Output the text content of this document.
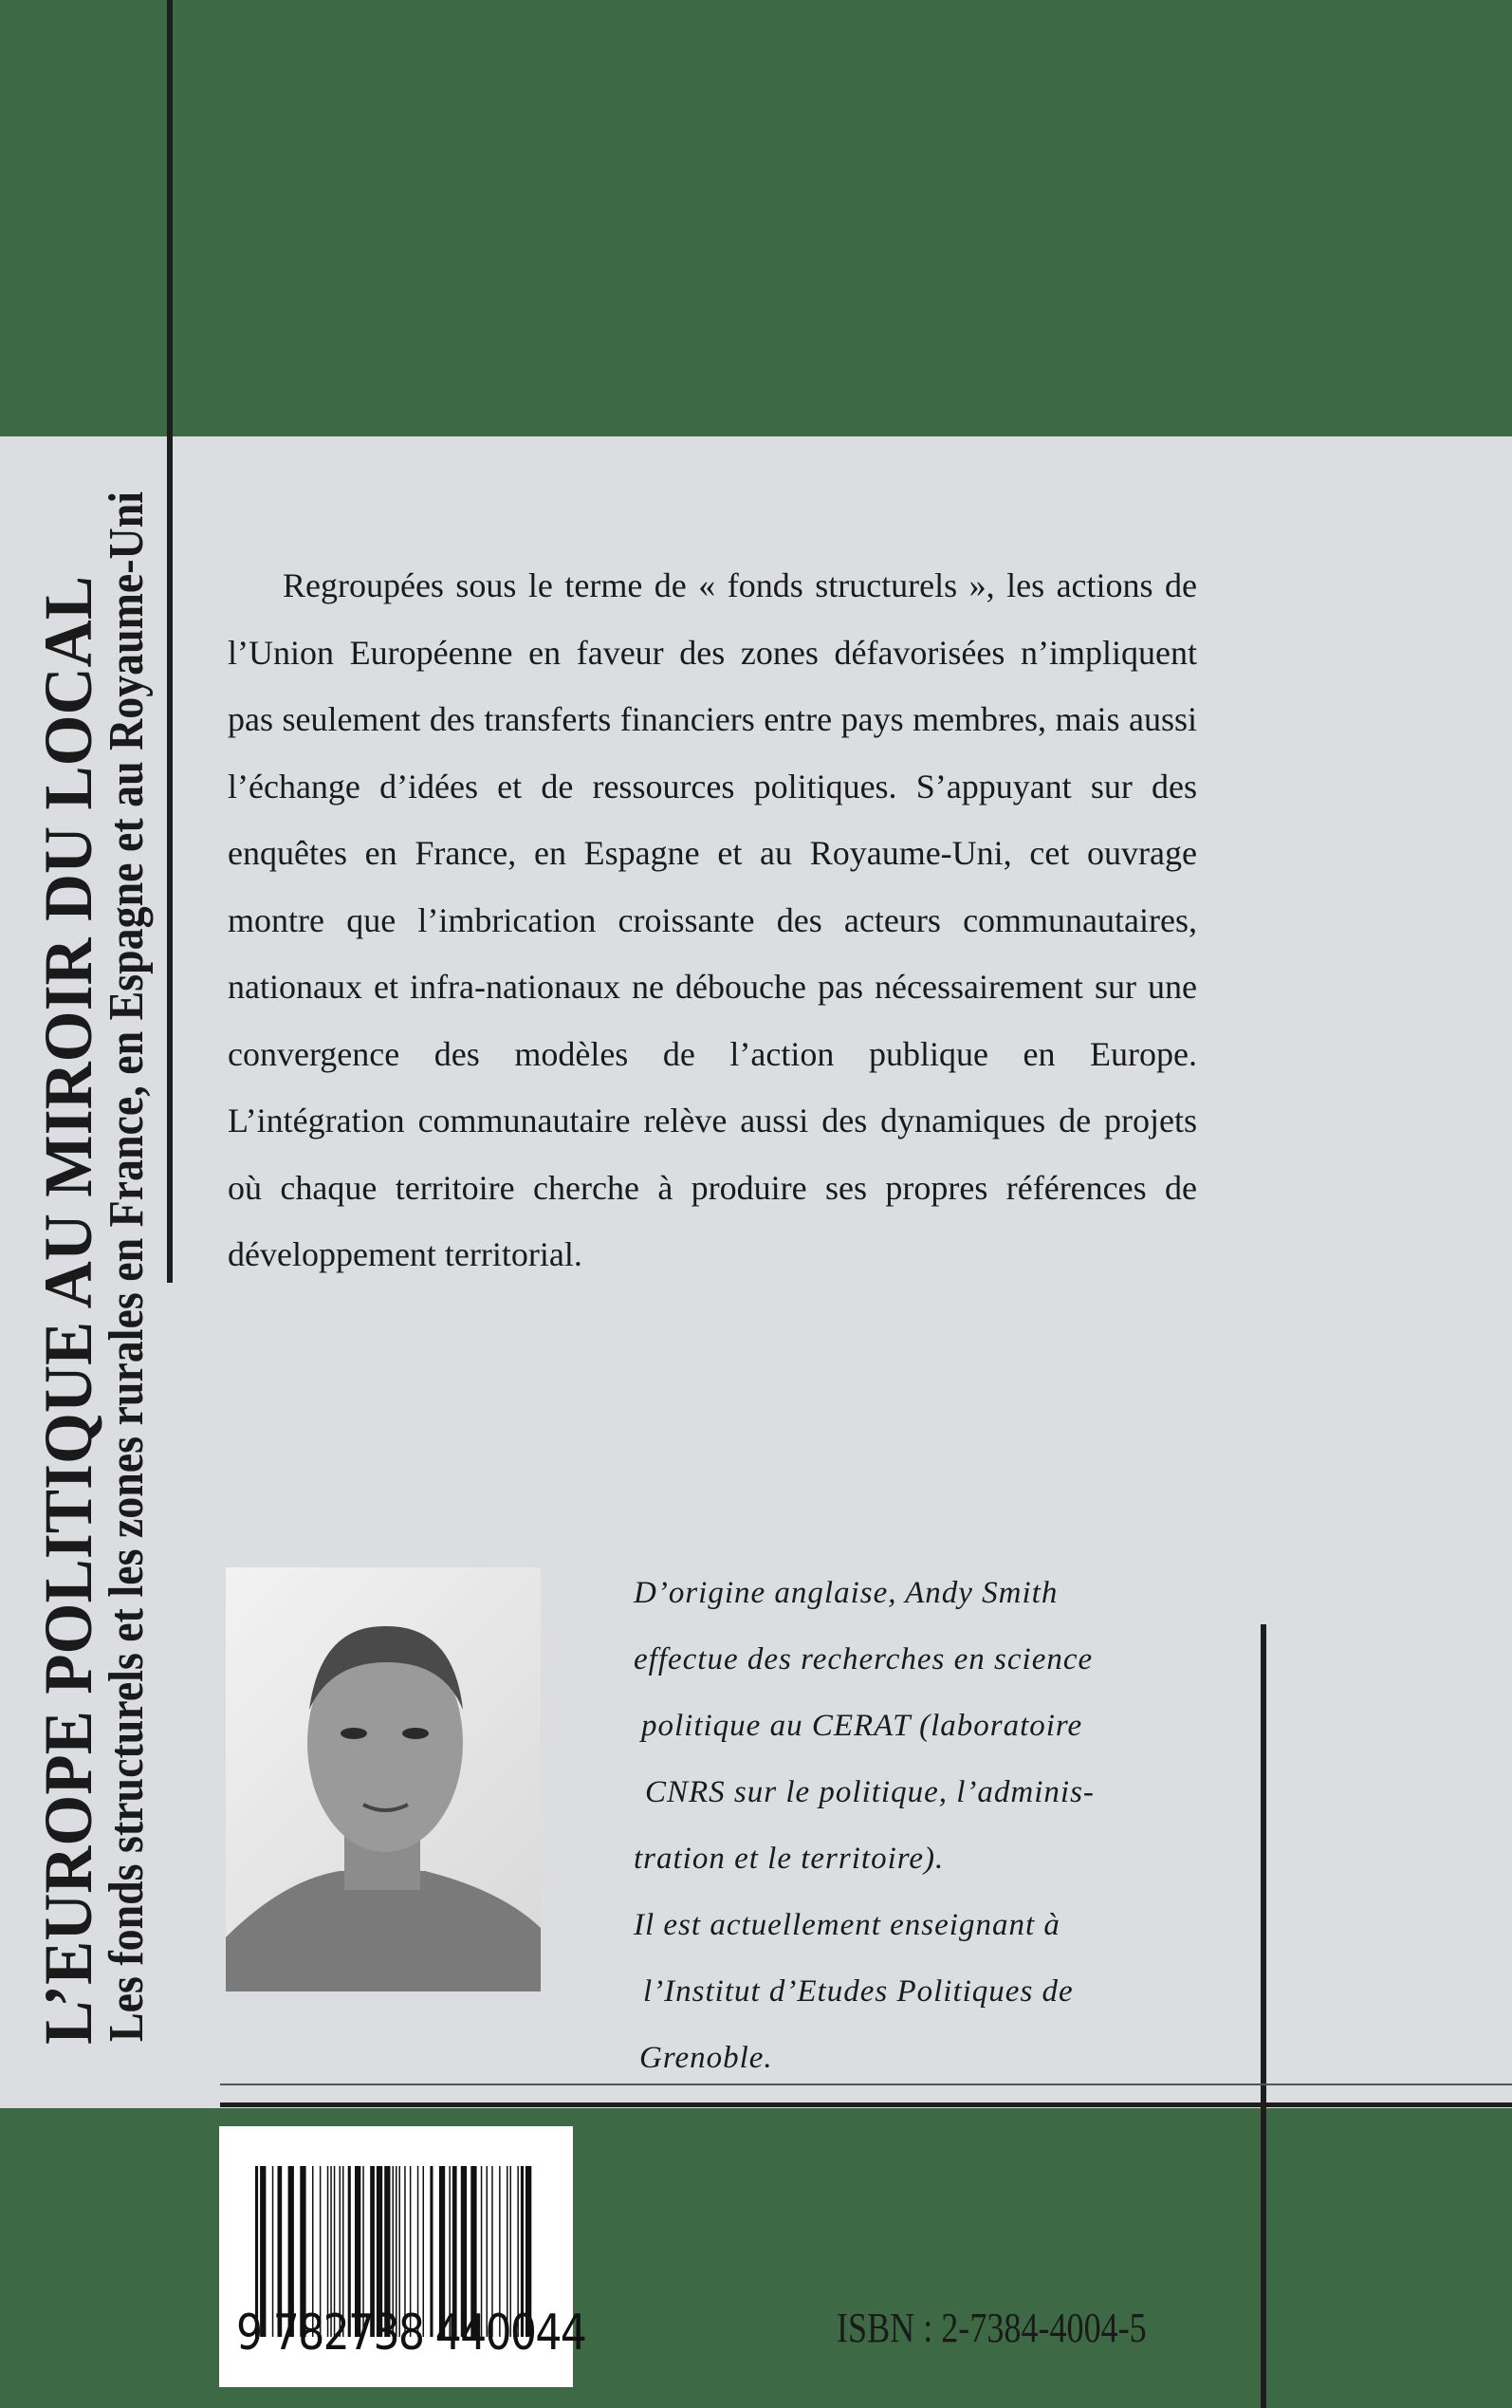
L’EUROPE POLITIQUE AU MIROIR DU LOCAL
Les fonds structurels et les zones rurales en France, en Espagne et au Royaume-Uni	Regroupées sous le terme de « fonds structurels », les actions de l’Union Européenne en faveur des zones défavorisées n’impliquent pas seulement des transferts financiers entre pays membres, mais aussi l’échange d’idées et de ressources politiques. S’appuyant sur des enquêtes en France, en Espagne et au Royaume-Uni, cet ouvrage montre que l’imbrication croissante des acteurs communautaires, nationaux et infra-nationaux ne débouche pas nécessairement sur une convergence des modèles de l’action publique en Europe. L’intégration communautaire relève aussi des dynamiques de projets où chaque territoire cherche à produire ses propres références de développement territorial.

D’origine anglaise, Andy Smith
effectue des recherches en science
politique au CERAT (laboratoire
CNRS sur le politique, l’adminis-
tration et le territoire).
Il est actuellement enseignant à
l’Institut d’Etudes Politiques de
Grenoble.
9 782738 440044	ISBN : 2-7384-4004-5
